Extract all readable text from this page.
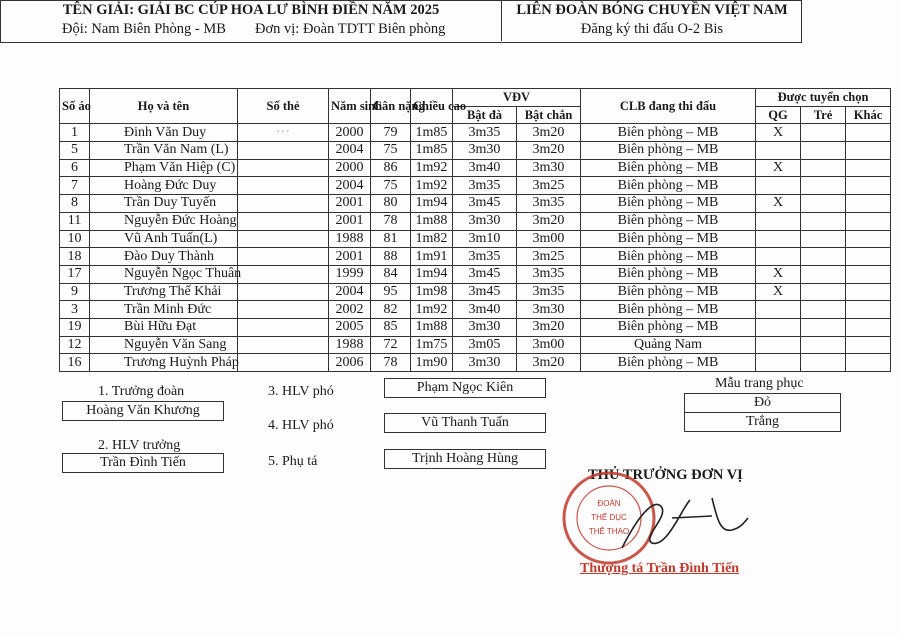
TÊN GIẢI: GIẢI BC CÚP HOA LƯ BÌNH ĐIỀN NĂM 2025
Đội: Nam Biên Phòng - MB Đơn vị: Đoàn TDTT Biên phòng
LIÊN ĐOÀN BÓNG CHUYỀN VIỆT NAM
Đăng ký thi đấu O-2 Bis
Số áo	Họ và tên	Số thẻ	Năm sinh	Cân nặng	Chiều cao	VĐV		CLB đang thi đấu	Được tuyển chọn		
						Bật đà	Bật chắn		QG	Trẻ	Khác
1	Đinh Văn Duy	···	2000	79	1m85	3m35	3m20	Biên phòng – MB	X		
5	Trần Văn Nam (L)		2004	75	1m85	3m30	3m20	Biên phòng – MB			
6	Phạm Văn Hiệp (C)		2000	86	1m92	3m40	3m30	Biên phòng – MB	X		
7	Hoàng Đức Duy		2004	75	1m92	3m35	3m25	Biên phòng – MB			
8	Trần Duy Tuyến		2001	80	1m94	3m45	3m35	Biên phòng – MB	X		
11	Nguyễn Đức Hoàng		2001	78	1m88	3m30	3m20	Biên phòng – MB			
10	Vũ Anh Tuấn(L)		1988	81	1m82	3m10	3m00	Biên phòng – MB			
18	Đào Duy Thành		2001	88	1m91	3m35	3m25	Biên phòng – MB			
17	Nguyễn Ngọc Thuân		1999	84	1m94	3m45	3m35	Biên phòng – MB	X		
9	Trương Thế Khải		2004	95	1m98	3m45	3m35	Biên phòng – MB	X		
3	Trần Minh Đức		2002	82	1m92	3m40	3m30	Biên phòng – MB			
19	Bùi Hữu Đạt		2005	85	1m88	3m30	3m20	Biên phòng – MB			
12	Nguyễn Văn Sang		1988	72	1m75	3m05	3m00	Quảng Nam			
16	Trương Huỳnh Pháp		2006	78	1m90	3m30	3m20	Biên phòng – MB			
1. Trưởng đoàn
Hoàng Văn Khương
2. HLV trưởng
Trần Đình Tiến
3. HLV phó	Phạm Ngọc Kiên
4. HLV phó	Vũ Thanh Tuấn
5. Phụ tá	Trịnh Hoàng Hùng
Mẫu trang phục
Đỏ
Trắng
THỦ TRƯỞNG ĐƠN VỊ
ĐOÀN
THỂ DỤC
THỂ THAO
Thượng tá Trần Đình Tiến
